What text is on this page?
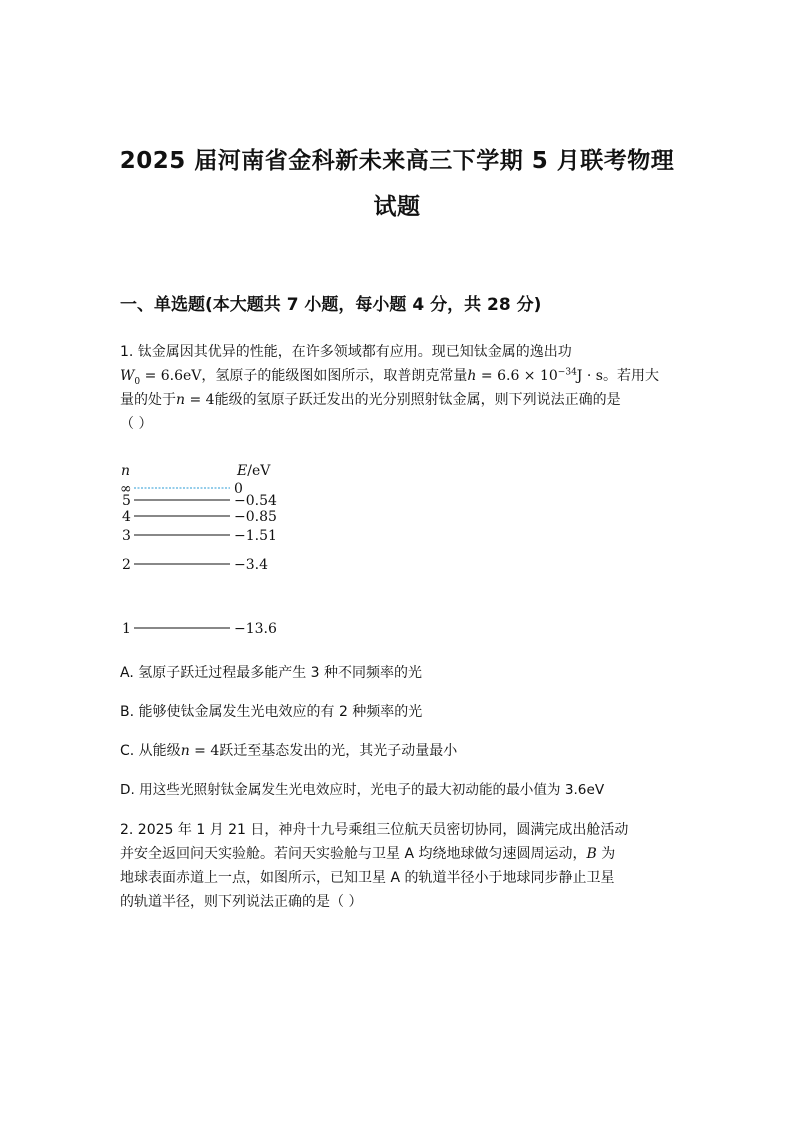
2025 届河南省金科新未来高三下学期 5 月联考物理
试题
一、单选题(本大题共 7 小题，每小题 4 分，共 28 分)
1. 钛金属因其优异的性能，在许多领域都有应用。现已知钛金属的逸出功
$W_0 = 6.6eV$，氢原子的能级图如图所示，取普朗克常量$h = 6.6 \times 10^{-34}J \cdot s$。若用大
量的处于n = 4能级的氢原子跃迁发出的光分别照射钛金属，则下列说法正确的是
（ ）
n	E/eV
∞	0
5	−0.54
4	−0.85
3	−1.51
2	−3.4
1	−13.6
A. 氢原子跃迁过程最多能产生 3 种不同频率的光
B. 能够使钛金属发生光电效应的有 2 种频率的光
C. 从能级n = 4跃迁至基态发出的光，其光子动量最小
D. 用这些光照射钛金属发生光电效应时，光电子的最大初动能的最小值为 3.6eV
2. 2025 年 1 月 21 日，神舟十九号乘组三位航天员密切协同，圆满完成出舱活动
并安全返回问天实验舱。若问天实验舱与卫星 A 均绕地球做匀速圆周运动，B 为
地球表面赤道上一点，如图所示，已知卫星 A 的轨道半径小于地球同步静止卫星
的轨道半径，则下列说法正确的是（ ）
